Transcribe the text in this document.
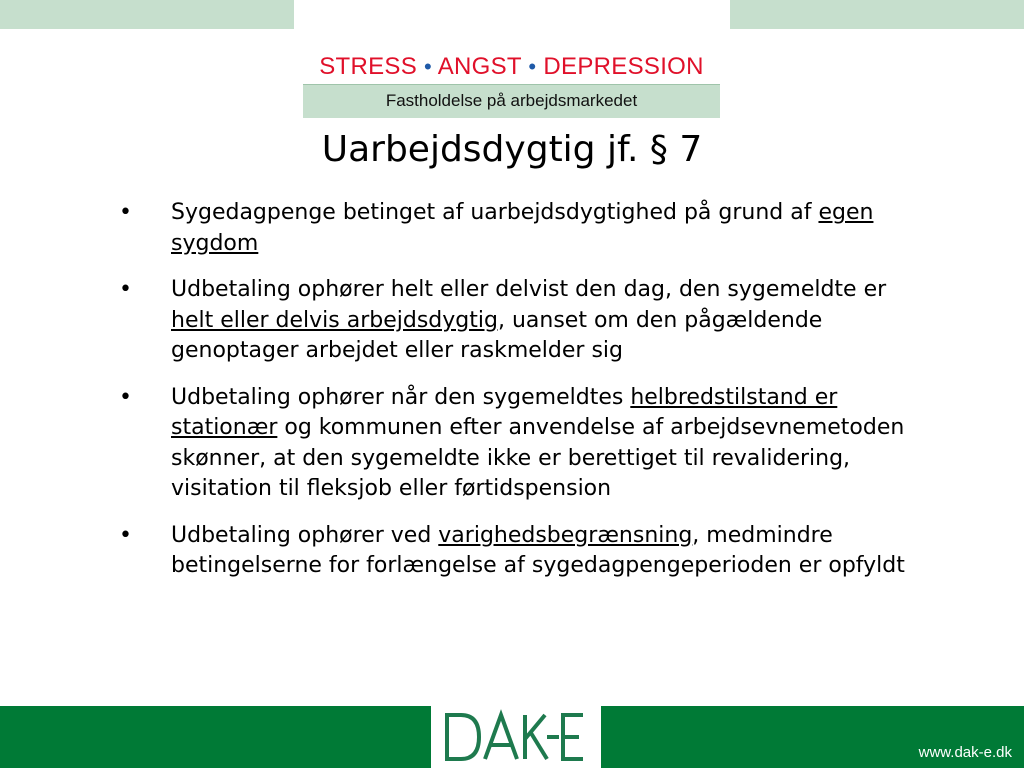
STRESS • ANGST • DEPRESSION
Fastholdelse på arbejdsmarkedet
Uarbejdsdygtig jf. § 7
• Sygedagpenge betinget af uarbejdsdygtighed på grund af egen sygdom
• Udbetaling ophører helt eller delvist den dag, den sygemeldte er helt eller delvis arbejdsdygtig, uanset om den pågældende genoptager arbejdet eller raskmelder sig
• Udbetaling ophører når den sygemeldtes helbredstilstand er stationær og kommunen efter anvendelse af arbejdsevnemetoden skønner, at den sygemeldte ikke er berettiget til revalidering, visitation til fleksjob eller førtidspension
• Udbetaling ophører ved varighedsbegrænsning, medmindre betingelserne for forlængelse af sygedagpengeperioden er opfyldt
www.dak-e.dk
